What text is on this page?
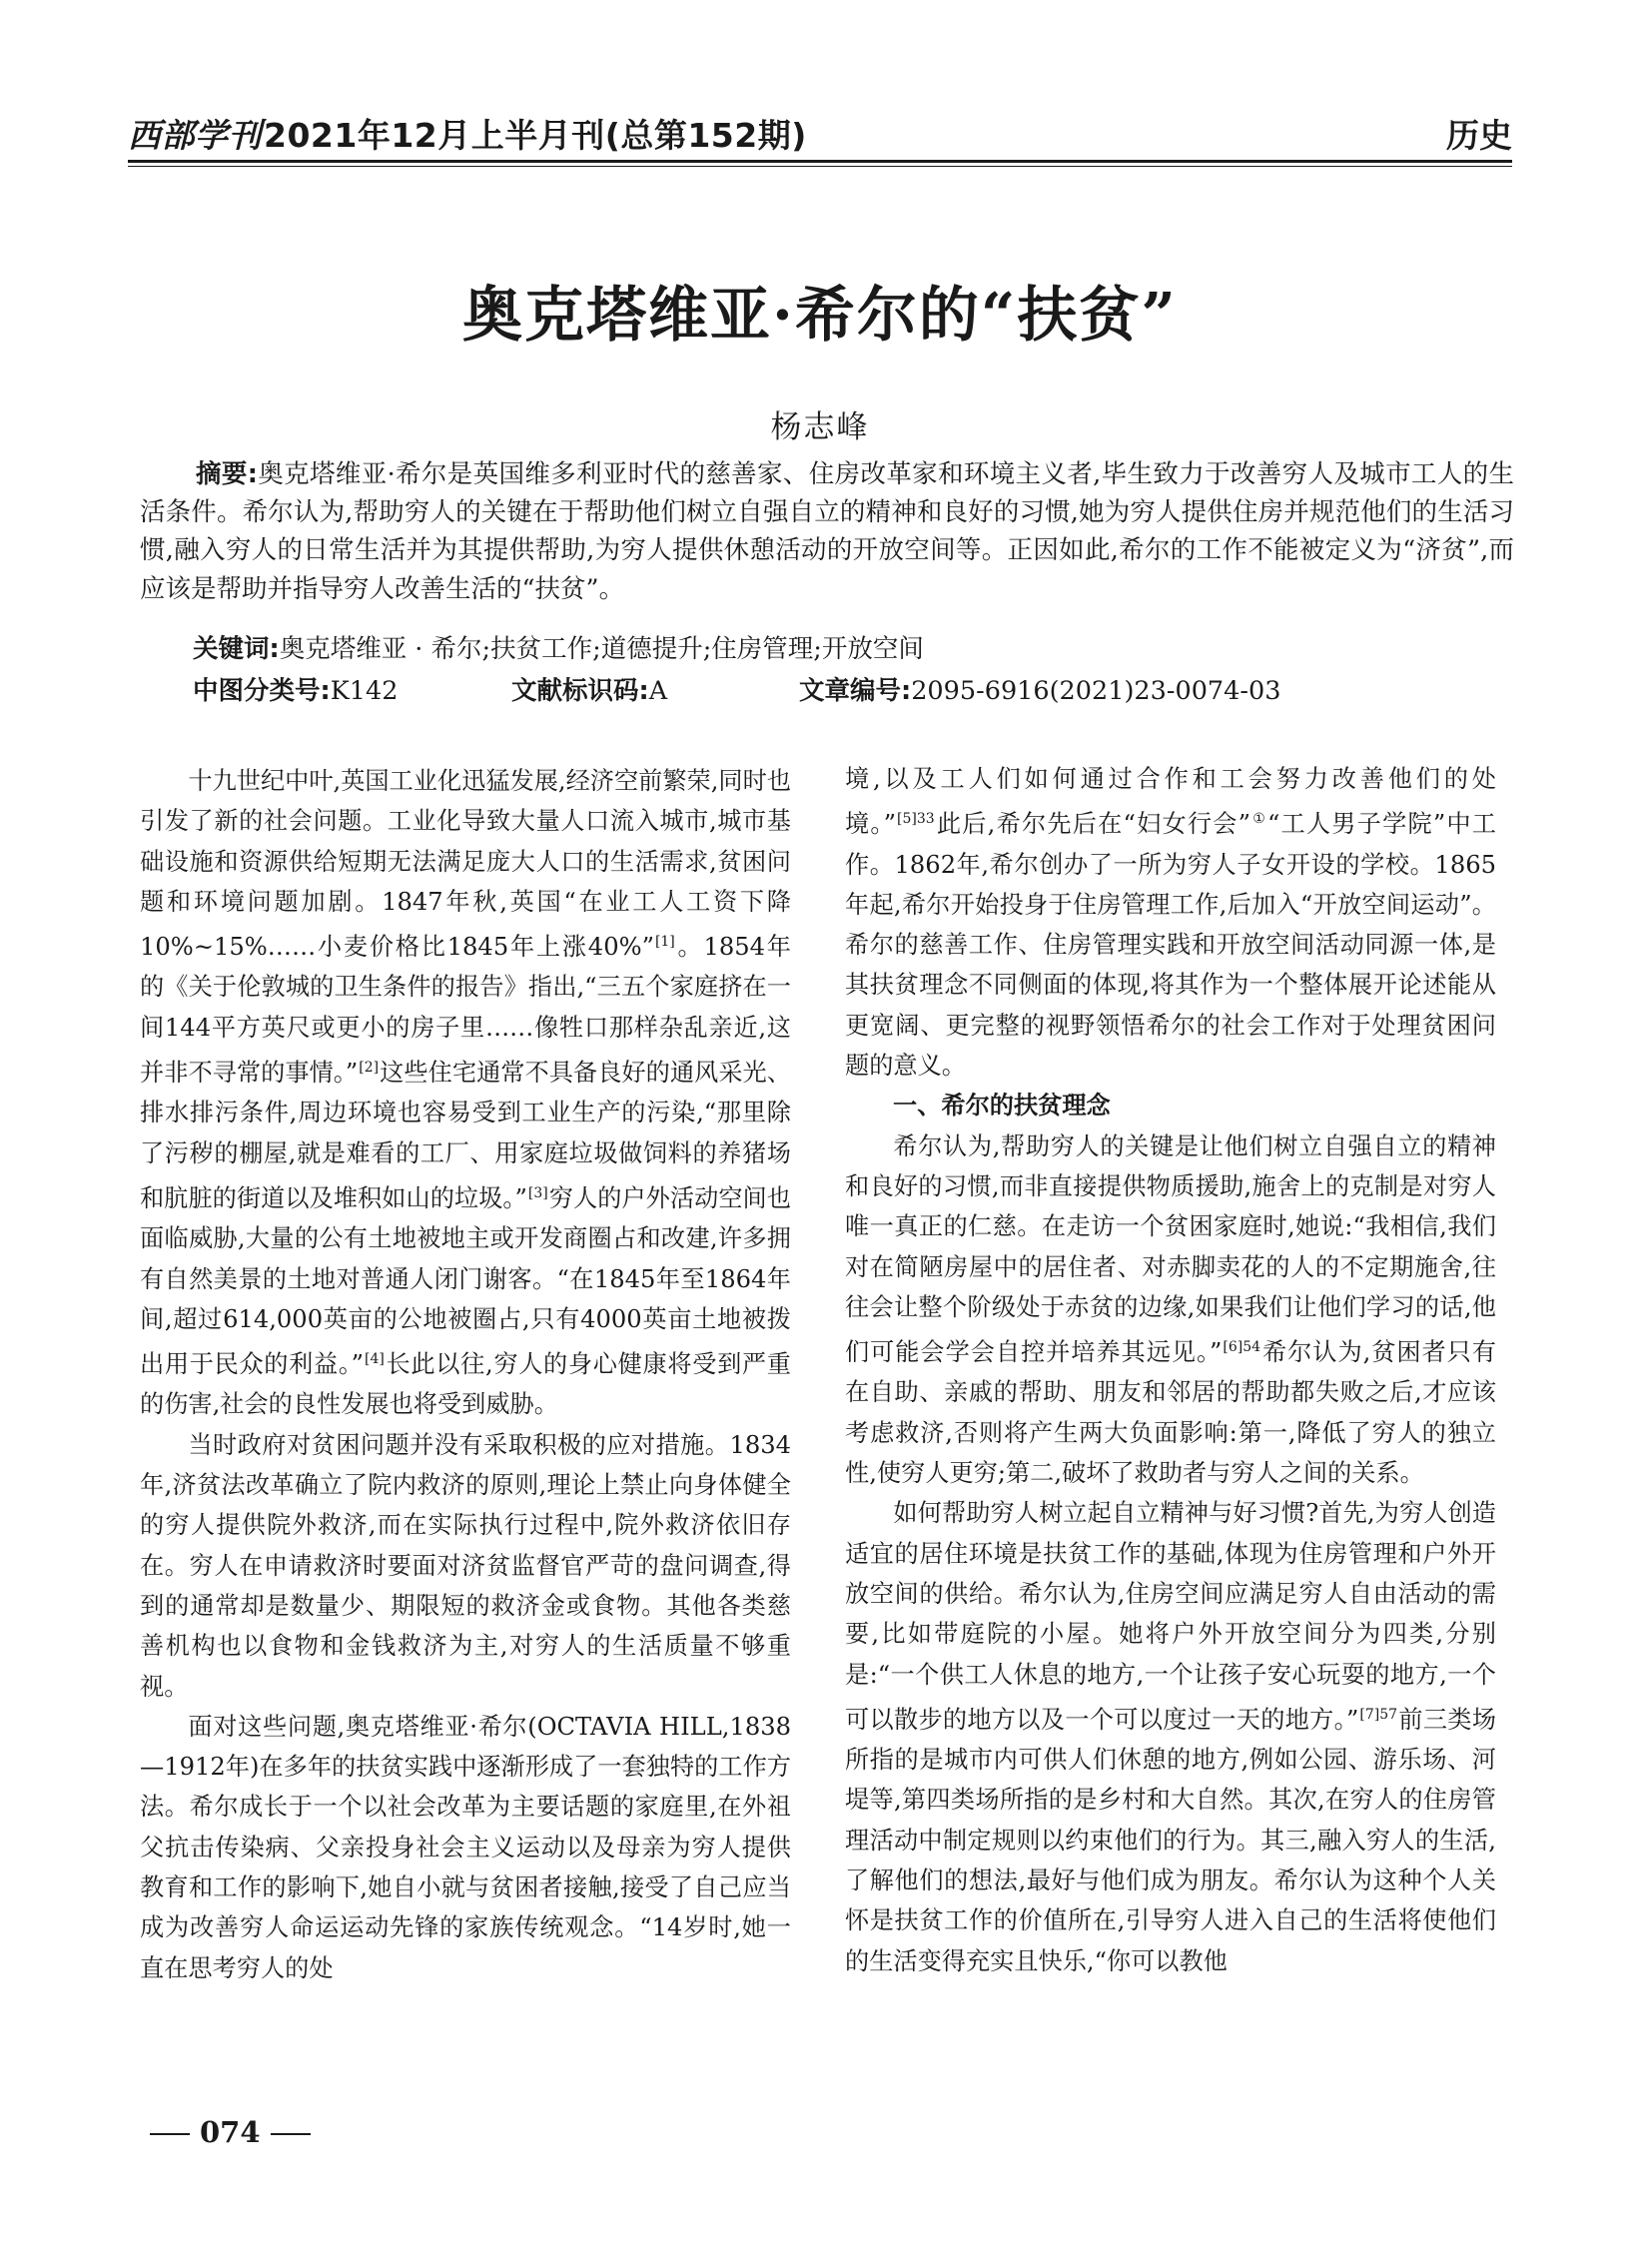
西部学刊2021年12月上半月刊(总第152期)	历史
奥克塔维亚·希尔的“扶贫”
杨志峰
摘要:奥克塔维亚·希尔是英国维多利亚时代的慈善家、住房改革家和环境主义者,毕生致力于改善穷人及城市工人的生活条件。希尔认为,帮助穷人的关键在于帮助他们树立自强自立的精神和良好的习惯,她为穷人提供住房并规范他们的生活习惯,融入穷人的日常生活并为其提供帮助,为穷人提供休憩活动的开放空间等。正因如此,希尔的工作不能被定义为“济贫”,而应该是帮助并指导穷人改善生活的“扶贫”。
关键词:奥克塔维亚 · 希尔;扶贫工作;道德提升;住房管理;开放空间
中图分类号:K142	文献标识码:A	文章编号:2095-6916(2021)23-0074-03

十九世纪中叶,英国工业化迅猛发展,经济空前繁荣,同时也引发了新的社会问题。工业化导致大量人口流入城市,城市基础设施和资源供给短期无法满足庞大人口的生活需求,贫困问题和环境问题加剧。1847年秋,英国“在业工人工资下降10%~15%……小麦价格比1845年上涨40%”[1]。1854年的《关于伦敦城的卫生条件的报告》指出,“三五个家庭挤在一间144平方英尺或更小的房子里……像牲口那样杂乱亲近,这并非不寻常的事情。”[2]这些住宅通常不具备良好的通风采光、排水排污条件,周边环境也容易受到工业生产的污染,“那里除了污秽的棚屋,就是难看的工厂、用家庭垃圾做饲料的养猪场和肮脏的街道以及堆积如山的垃圾。”[3]穷人的户外活动空间也面临威胁,大量的公有土地被地主或开发商圈占和改建,许多拥有自然美景的土地对普通人闭门谢客。“在1845年至1864年间,超过614,000英亩的公地被圈占,只有4000英亩土地被拨出用于民众的利益。”[4]长此以往,穷人的身心健康将受到严重的伤害,社会的良性发展也将受到威胁。

当时政府对贫困问题并没有采取积极的应对措施。1834年,济贫法改革确立了院内救济的原则,理论上禁止向身体健全的穷人提供院外救济,而在实际执行过程中,院外救济依旧存在。穷人在申请救济时要面对济贫监督官严苛的盘问调查,得到的通常却是数量少、期限短的救济金或食物。其他各类慈善机构也以食物和金钱救济为主,对穷人的生活质量不够重视。

面对这些问题,奥克塔维亚·希尔(OCTAVIA HILL,1838—1912年)在多年的扶贫实践中逐渐形成了一套独特的工作方法。希尔成长于一个以社会改革为主要话题的家庭里,在外祖父抗击传染病、父亲投身社会主义运动以及母亲为穷人提供教育和工作的影响下,她自小就与贫困者接触,接受了自己应当成为改善穷人命运运动先锋的家族传统观念。“14岁时,她一直在思考穷人的处

境,以及工人们如何通过合作和工会努力改善他们的处境。”$^{[5]33}$此后,希尔先后在“妇女行会”①“工人男子学院”中工作。1862年,希尔创办了一所为穷人子女开设的学校。1865年起,希尔开始投身于住房管理工作,后加入“开放空间运动”。希尔的慈善工作、住房管理实践和开放空间活动同源一体,是其扶贫理念不同侧面的体现,将其作为一个整体展开论述能从更宽阔、更完整的视野领悟希尔的社会工作对于处理贫困问题的意义。

一、希尔的扶贫理念

希尔认为,帮助穷人的关键是让他们树立自强自立的精神和良好的习惯,而非直接提供物质援助,施舍上的克制是对穷人唯一真正的仁慈。在走访一个贫困家庭时,她说:“我相信,我们对在简陋房屋中的居住者、对赤脚卖花的人的不定期施舍,往往会让整个阶级处于赤贫的边缘,如果我们让他们学习的话,他们可能会学会自控并培养其远见。”$^{[6]54}$希尔认为,贫困者只有在自助、亲戚的帮助、朋友和邻居的帮助都失败之后,才应该考虑救济,否则将产生两大负面影响:第一,降低了穷人的独立性,使穷人更穷;第二,破坏了救助者与穷人之间的关系。

如何帮助穷人树立起自立精神与好习惯?首先,为穷人创造适宜的居住环境是扶贫工作的基础,体现为住房管理和户外开放空间的供给。希尔认为,住房空间应满足穷人自由活动的需要,比如带庭院的小屋。她将户外开放空间分为四类,分别是:“一个供工人休息的地方,一个让孩子安心玩耍的地方,一个可以散步的地方以及一个可以度过一天的地方。”$^{[7]57}$前三类场所指的是城市内可供人们休憩的地方,例如公园、游乐场、河堤等,第四类场所指的是乡村和大自然。其次,在穷人的住房管理活动中制定规则以约束他们的行为。其三,融入穷人的生活,了解他们的想法,最好与他们成为朋友。希尔认为这种个人关怀是扶贫工作的价值所在,引导穷人进入自己的生活将使他们的生活变得充实且快乐,“你可以教他

074
